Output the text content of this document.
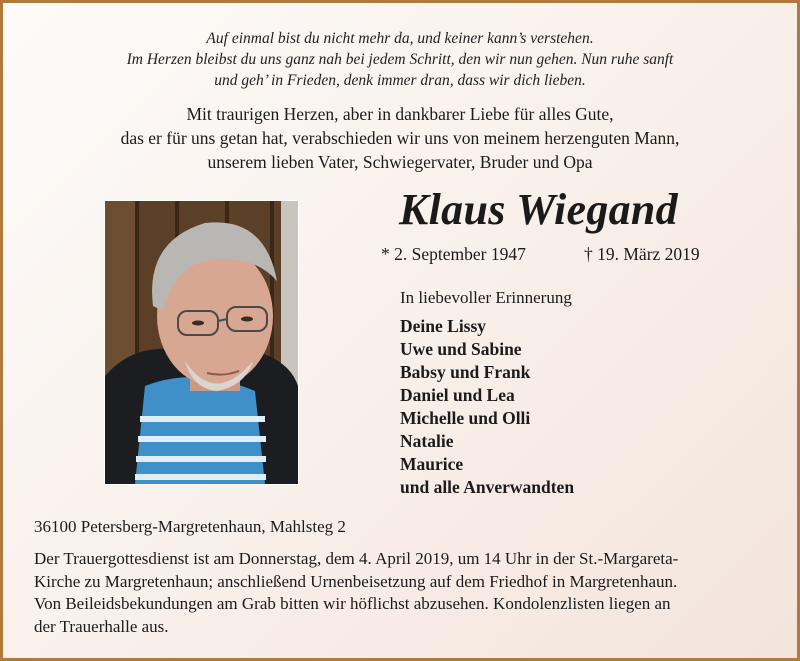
Auf einmal bist du nicht mehr da, und keiner kann’s verstehen.
Im Herzen bleibst du uns ganz nah bei jedem Schritt, den wir nun gehen. Nun ruhe sanft
und geh’ in Frieden, denk immer dran, dass wir dich lieben.
Mit traurigen Herzen, aber in dankbarer Liebe für alles Gute,
das er für uns getan hat, verabschieden wir uns von meinem herzenguten Mann,
unserem lieben Vater, Schwiegervater, Bruder und Opa
Klaus Wiegand
* 2. September 1947	† 19. März 2019
In liebevoller Erinnerung
Deine Lissy
Uwe und Sabine
Babsy und Frank
Daniel und Lea
Michelle und Olli
Natalie
Maurice
und alle Anverwandten
36100 Petersberg-Margretenhaun, Mahlsteg 2
Der Trauergottesdienst ist am Donnerstag, dem 4. April 2019, um 14 Uhr in der St.-Margareta-
Kirche zu Margretenhaun; anschließend Urnenbeisetzung auf dem Friedhof in Margretenhaun.
Von Beileidsbekundungen am Grab bitten wir höflichst abzusehen. Kondolenzlisten liegen an
der Trauerhalle aus.
